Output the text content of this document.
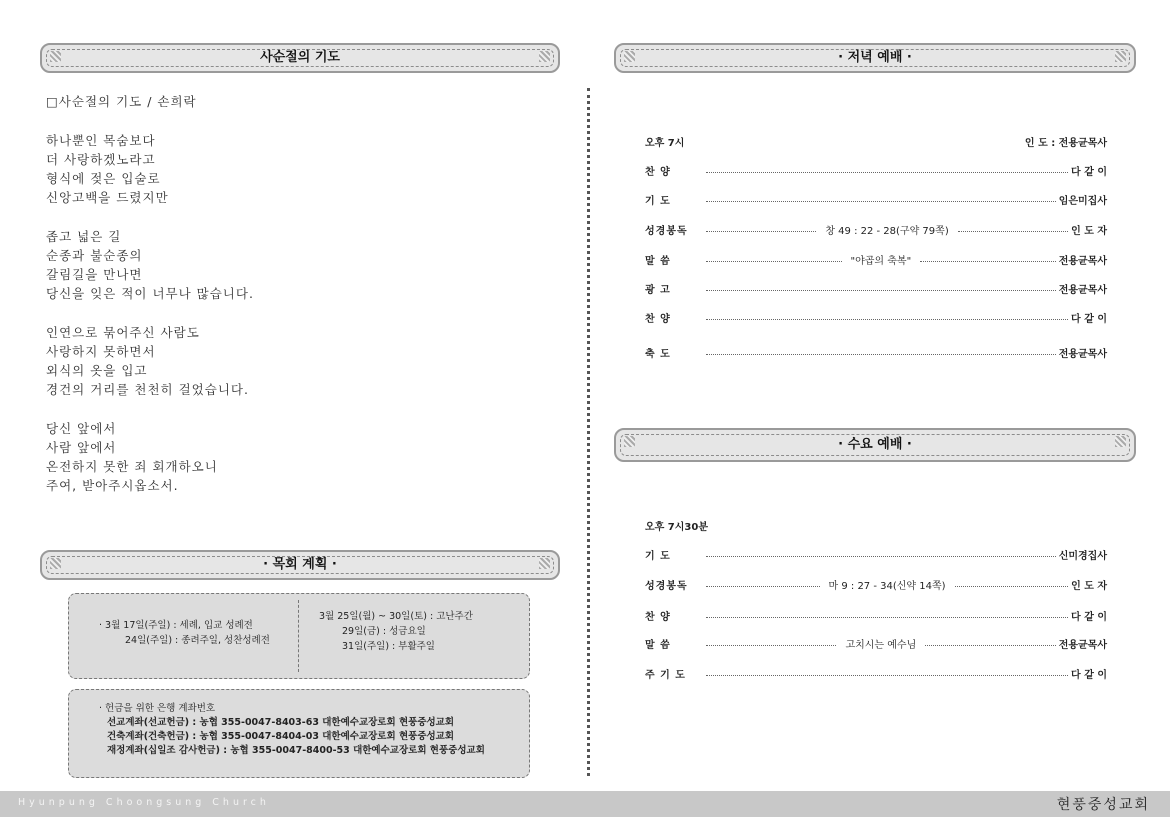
사순절의 기도
□사순절의 기도 / 손희락
하나뿐인 목숨보다
더 사랑하겠노라고
형식에 젖은 입술로
신앙고백을 드렸지만
좁고 넓은 길
순종과 불순종의
갈림길을 만나면
당신을 잊은 적이 너무나 많습니다.
인연으로 묶어주신 사람도
사랑하지 못하면서
외식의 옷을 입고
경건의 거리를 천천히 걸었습니다.
당신 앞에서
사람 앞에서
온전하지 못한 죄 회개하오니
주여, 받아주시옵소서.
· 목회 계획 ·
· 3월 17일(주일) : 세례, 입교 성례전
24일(주일) : 종려주일, 성찬성례전
3월 25일(월) ~ 30일(토) : 고난주간
29일(금) : 성금요일
31일(주일) : 부활주일
· 헌금을 위한 은행 계좌번호
선교계좌(선교헌금) : 농협 355-0047-8403-63 대한예수교장로회 현풍중성교회
건축계좌(건축헌금) : 농협 355-0047-8404-03 대한예수교장로회 현풍중성교회
재정계좌(십일조 감사헌금) : 농협 355-0047-8400-53 대한예수교장로회 현풍중성교회
· 저녁 예배 ·
오후 7시	인 도 : 전용균목사
찬 양	다 같 이
기 도	임은미집사
성경봉독	창 49 : 22 - 28(구약 79쪽)	인 도 자
말 씀	"야곱의 축복"	전용균목사
광 고	전용균목사
찬 양	다 같 이
축 도	전용균목사
· 수요 예배 ·
오후 7시30분
기 도	신미경집사
성경봉독	마 9 : 27 - 34(신약 14쪽)	인 도 자
찬 양	다 같 이
말 씀	고치시는 예수님	전용균목사
주 기 도	다 같 이
Hyunpung Choongsung Church	현풍중성교회
